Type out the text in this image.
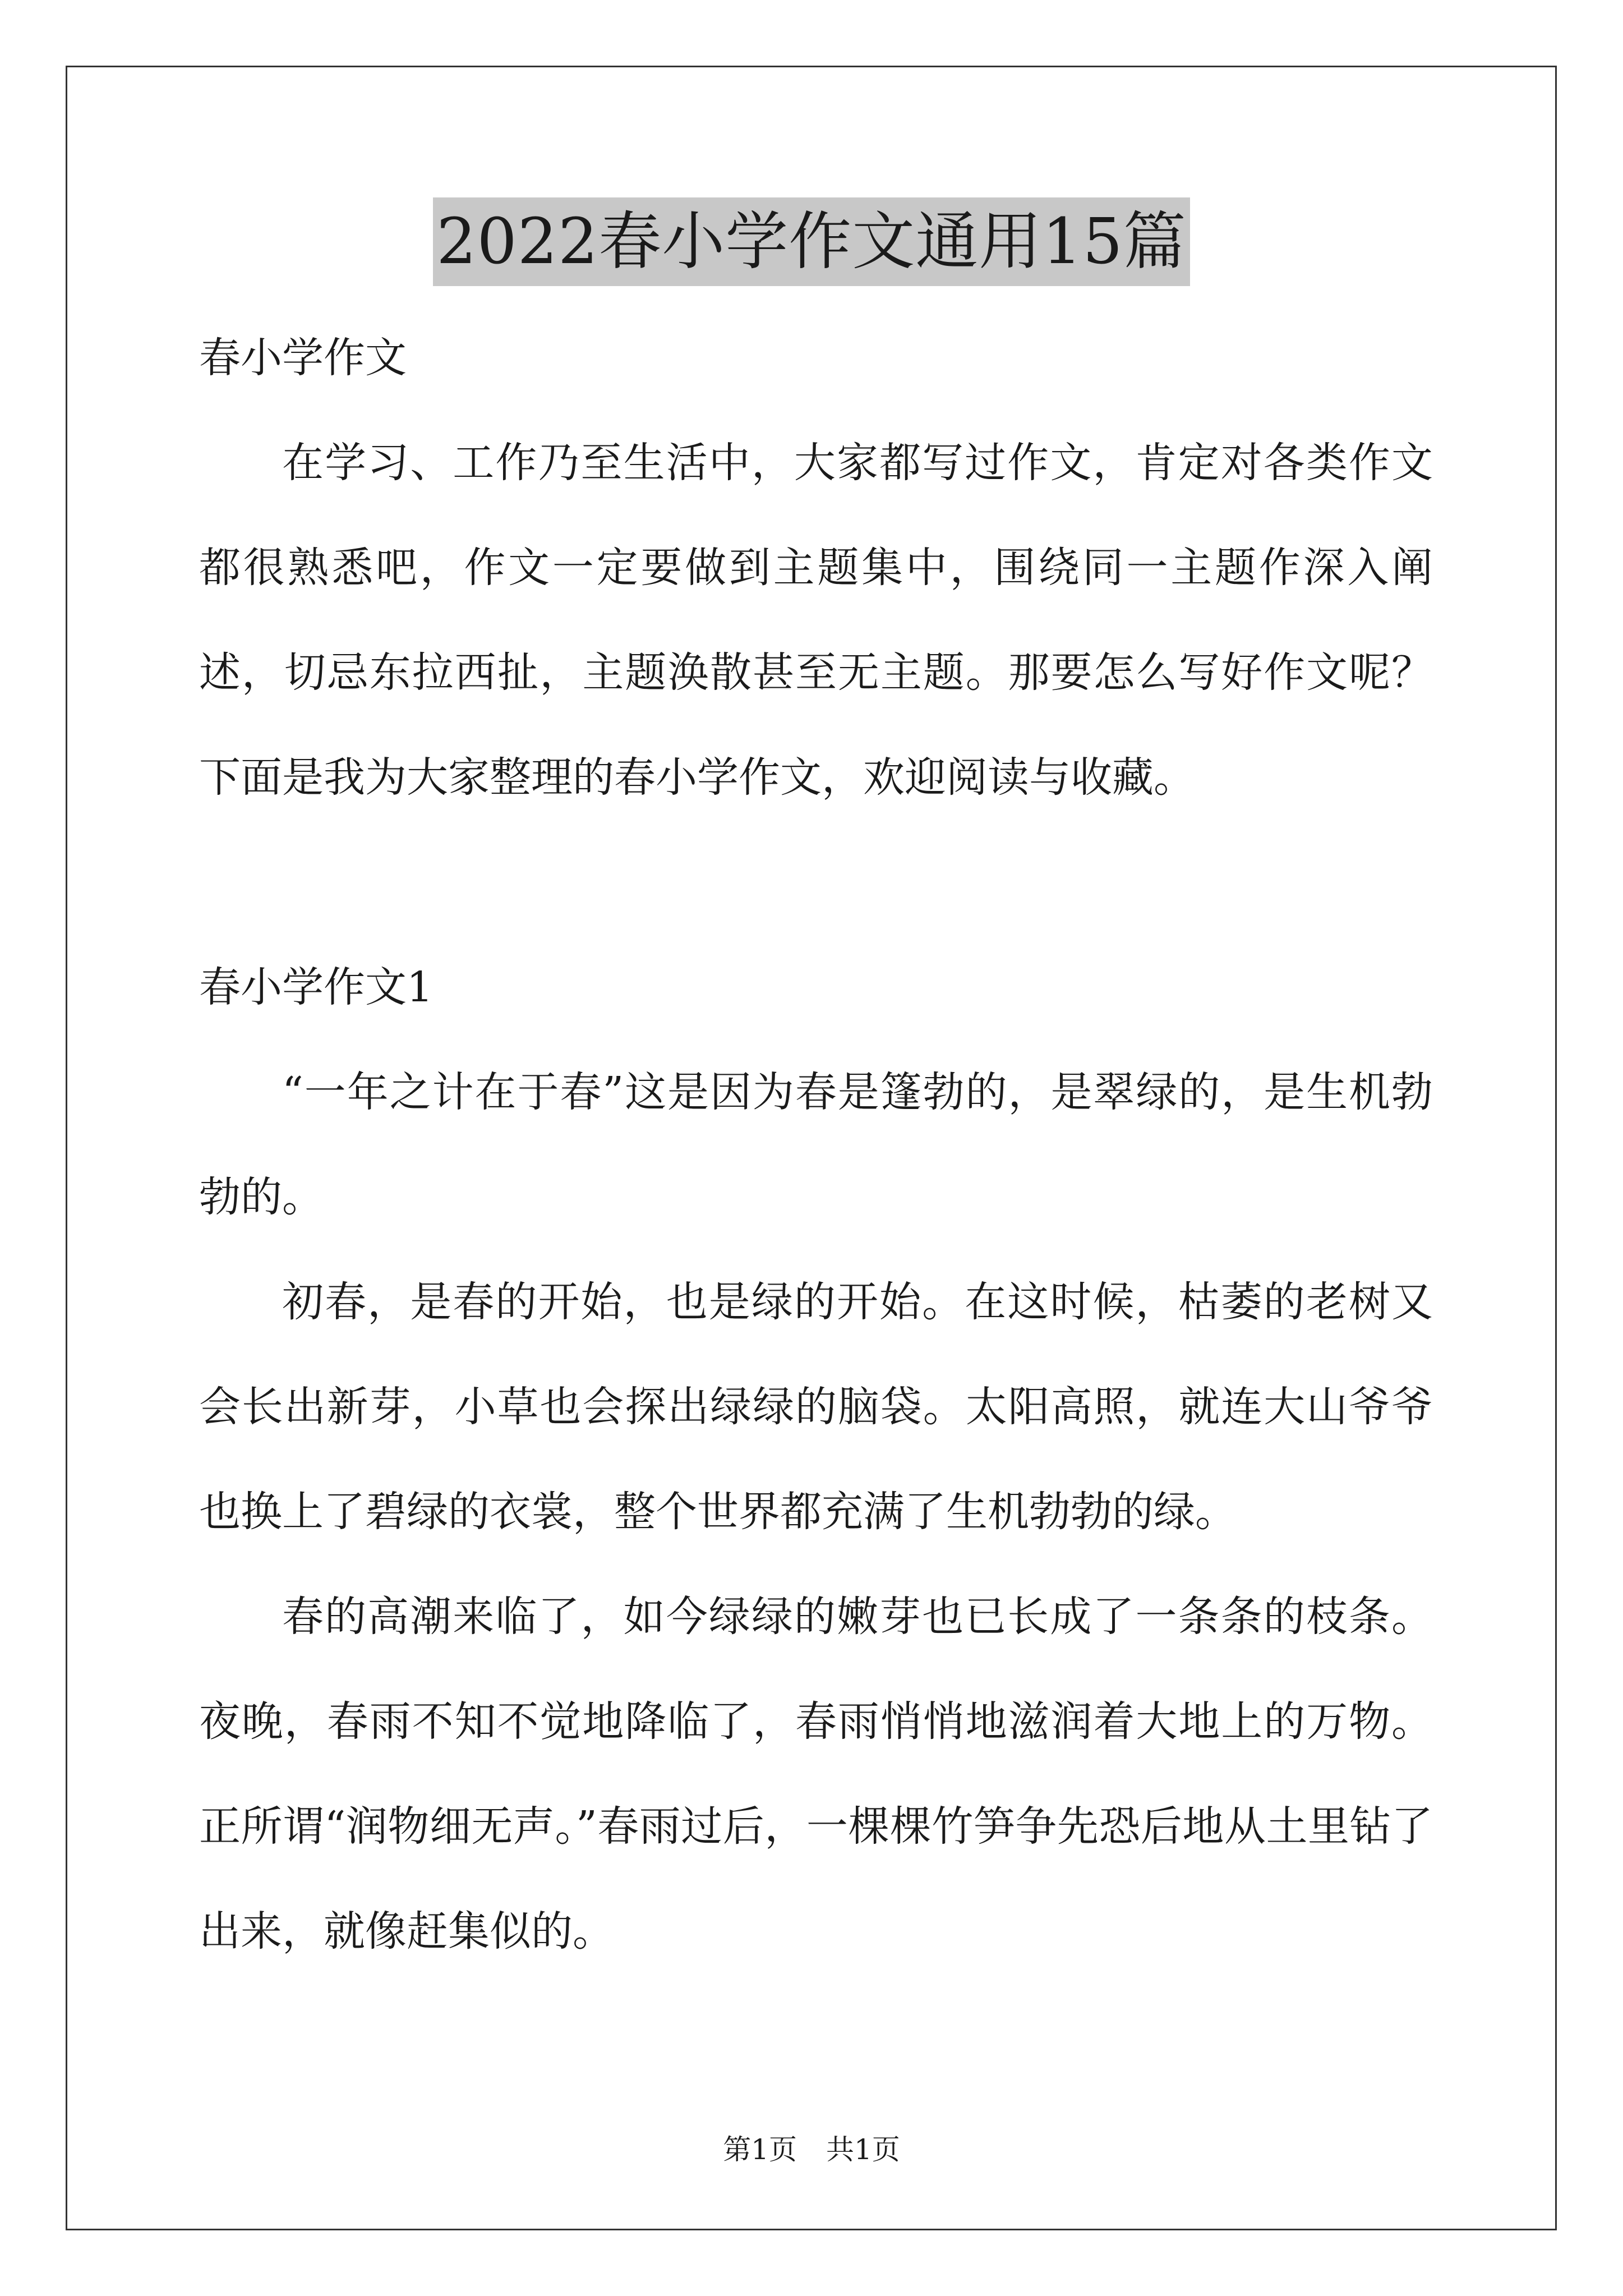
2022春小学作文通用15篇
春小学作文
在学习、工作乃至生活中，大家都写过作文，肯定对各类作文都很熟悉吧，作文一定要做到主题集中，围绕同一主题作深入阐述，切忌东拉西扯，主题涣散甚至无主题。那要怎么写好作文呢？下面是我为大家整理的春小学作文，欢迎阅读与收藏。
春小学作文1
“一年之计在于春”这是因为春是篷勃的，是翠绿的，是生机勃勃的。
初春，是春的开始，也是绿的开始。在这时候，枯萎的老树又会长出新芽，小草也会探出绿绿的脑袋。太阳高照，就连大山爷爷也换上了碧绿的衣裳，整个世界都充满了生机勃勃的绿。
春的高潮来临了，如今绿绿的嫩芽也已长成了一条条的枝条。夜晚，春雨不知不觉地降临了，春雨悄悄地滋润着大地上的万物。正所谓“润物细无声。”春雨过后，一棵棵竹笋争先恐后地从土里钻了出来，就像赶集似的。
第1页 共1页
